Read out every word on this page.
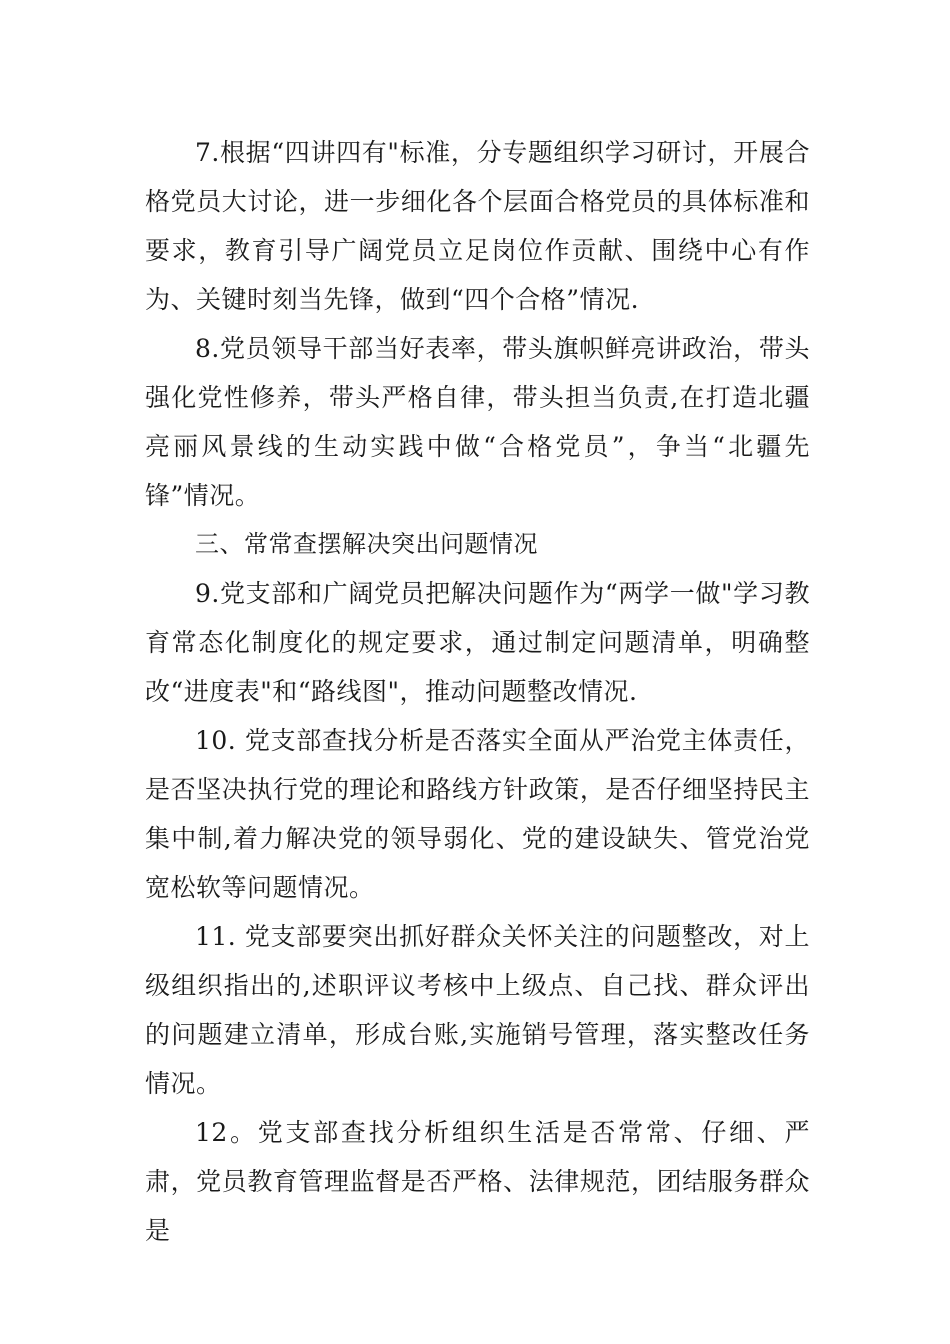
7.根据“四讲四有"标准，分专题组织学习研讨，开展合格党员大讨论，进一步细化各个层面合格党员的具体标准和要求，教育引导广阔党员立足岗位作贡献、围绕中心有作为、关键时刻当先锋，做到“四个合格”情况.

8.党员领导干部当好表率，带头旗帜鲜亮讲政治，带头强化党性修养，带头严格自律，带头担当负责,在打造北疆亮丽风景线的生动实践中做“合格党员”，争当“北疆先锋”情况。

三、常常查摆解决突出问题情况

9.党支部和广阔党员把解决问题作为“两学一做"学习教育常态化制度化的规定要求，通过制定问题清单，明确整改“进度表"和“路线图"，推动问题整改情况.

10. 党支部查找分析是否落实全面从严治党主体责任，是否坚决执行党的理论和路线方针政策，是否仔细坚持民主集中制,着力解决党的领导弱化、党的建设缺失、管党治党宽松软等问题情况。

11. 党支部要突出抓好群众关怀关注的问题整改，对上级组织指出的,述职评议考核中上级点、自己找、群众评出的问题建立清单，形成台账,实施销号管理，落实整改任务情况。

12。党支部查找分析组织生活是否常常、仔细、严肃，党员教育管理监督是否严格、法律规范，团结服务群众是
